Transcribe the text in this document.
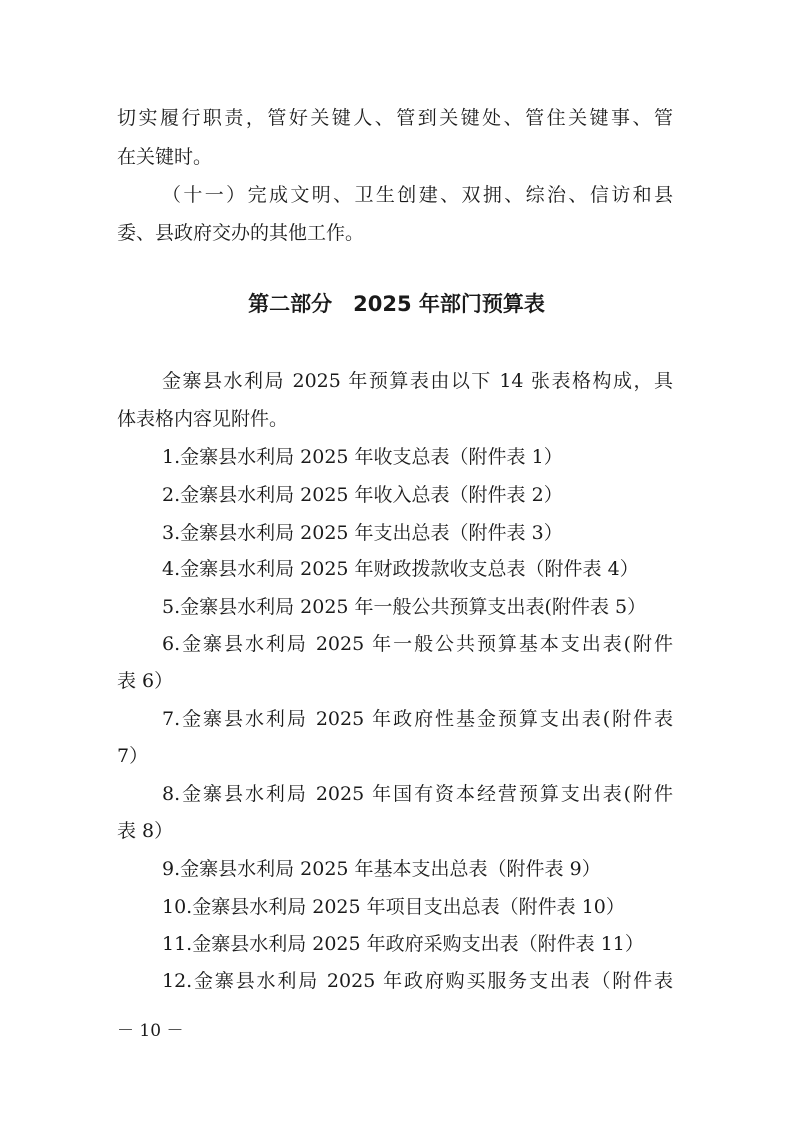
切实履行职责，管好关键人、管到关键处、管住关键事、管
在关键时。
（十一）完成文明、卫生创建、双拥、综治、信访和县
委、县政府交办的其他工作。
第二部分　2025 年部门预算表
金寨县水利局 2025 年预算表由以下 14 张表格构成，具
体表格内容见附件。
1.金寨县水利局 2025 年收支总表（附件表 1）
2.金寨县水利局 2025 年收入总表（附件表 2）
3.金寨县水利局 2025 年支出总表（附件表 3）
4.金寨县水利局 2025 年财政拨款收支总表（附件表 4）
5.金寨县水利局 2025 年一般公共预算支出表(附件表 5）
6.金寨县水利局 2025 年一般公共预算基本支出表(附件
表 6）
7.金寨县水利局 2025 年政府性基金预算支出表(附件表
7）
8.金寨县水利局 2025 年国有资本经营预算支出表(附件
表 8）
9.金寨县水利局 2025 年基本支出总表（附件表 9）
10.金寨县水利局 2025 年项目支出总表（附件表 10）
11.金寨县水利局 2025 年政府采购支出表（附件表 11）
12.金寨县水利局 2025 年政府购买服务支出表（附件表
－ 10 －
